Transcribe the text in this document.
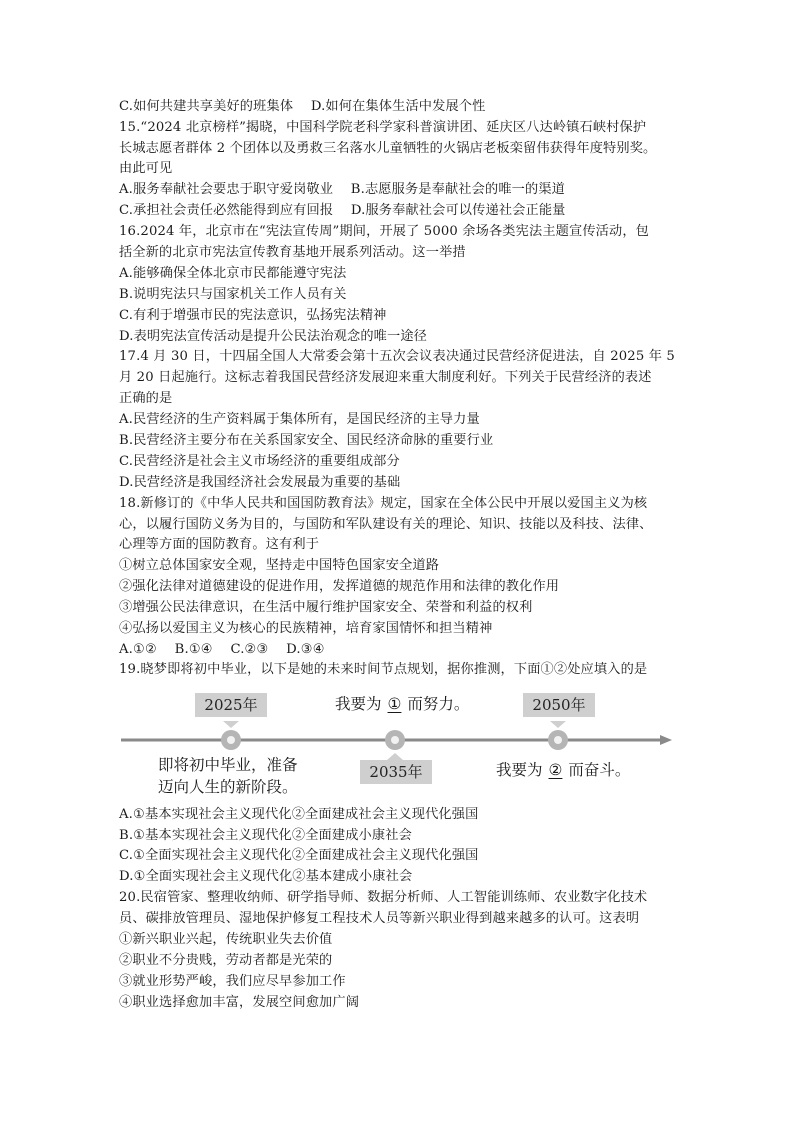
C.如何共建共享美好的班集体　 D.如何在集体生活中发展个性
15.“2024 北京榜样”揭晓，中国科学院老科学家科普演讲团、延庆区八达岭镇石峡村保护
长城志愿者群体 2 个团体以及勇救三名落水儿童牺牲的火锅店老板栾留伟获得年度特别奖。
由此可见
A.服务奉献社会要忠于职守爱岗敬业　 B.志愿服务是奉献社会的唯一的渠道
C.承担社会责任必然能得到应有回报　 D.服务奉献社会可以传递社会正能量
16.2024 年，北京市在“宪法宣传周”期间，开展了 5000 余场各类宪法主题宣传活动，包
括全新的北京市宪法宣传教育基地开展系列活动。这一举措
A.能够确保全体北京市民都能遵守宪法
B.说明宪法只与国家机关工作人员有关
C.有利于增强市民的宪法意识，弘扬宪法精神
D.表明宪法宣传活动是提升公民法治观念的唯一途径
17.4 月 30 日，十四届全国人大常委会第十五次会议表决通过民营经济促进法，自 2025 年 5
月 20 日起施行。这标志着我国民营经济发展迎来重大制度利好。下列关于民营经济的表述
正确的是
A.民营经济的生产资料属于集体所有，是国民经济的主导力量
B.民营经济主要分布在关系国家安全、国民经济命脉的重要行业
C.民营经济是社会主义市场经济的重要组成部分
D.民营经济是我国经济社会发展最为重要的基础
18.新修订的《中华人民共和国国防教育法》规定，国家在全体公民中开展以爱国主义为核
心，以履行国防义务为目的，与国防和军队建设有关的理论、知识、技能以及科技、法律、
心理等方面的国防教育。这有利于
①树立总体国家安全观，坚持走中国特色国家安全道路
②强化法律对道德建设的促进作用，发挥道德的规范作用和法律的教化作用
③增强公民法律意识，在生活中履行维护国家安全、荣誉和利益的权利
④弘扬以爱国主义为核心的民族精神，培育家国情怀和担当精神
A.①②　 B.①④　 C.②③　 D.③④
19.晓梦即将初中毕业，以下是她的未来时间节点规划，据你推测，下面①②处应填入的是
2025年
2035年
2050年
我要为 ① 而努力。
即将初中毕业，准备
迈向人生的新阶段。
我要为 ② 而奋斗。
A.①基本实现社会主义现代化②全面建成社会主义现代化强国
B.①基本实现社会主义现代化②全面建成小康社会
C.①全面实现社会主义现代化②全面建成社会主义现代化强国
D.①全面实现社会主义现代化②基本建成小康社会
20.民宿管家、整理收纳师、研学指导师、数据分析师、人工智能训练师、农业数字化技术
员、碳排放管理员、湿地保护修复工程技术人员等新兴职业得到越来越多的认可。这表明
①新兴职业兴起，传统职业失去价值
②职业不分贵贱，劳动者都是光荣的
③就业形势严峻，我们应尽早参加工作
④职业选择愈加丰富，发展空间愈加广阔
